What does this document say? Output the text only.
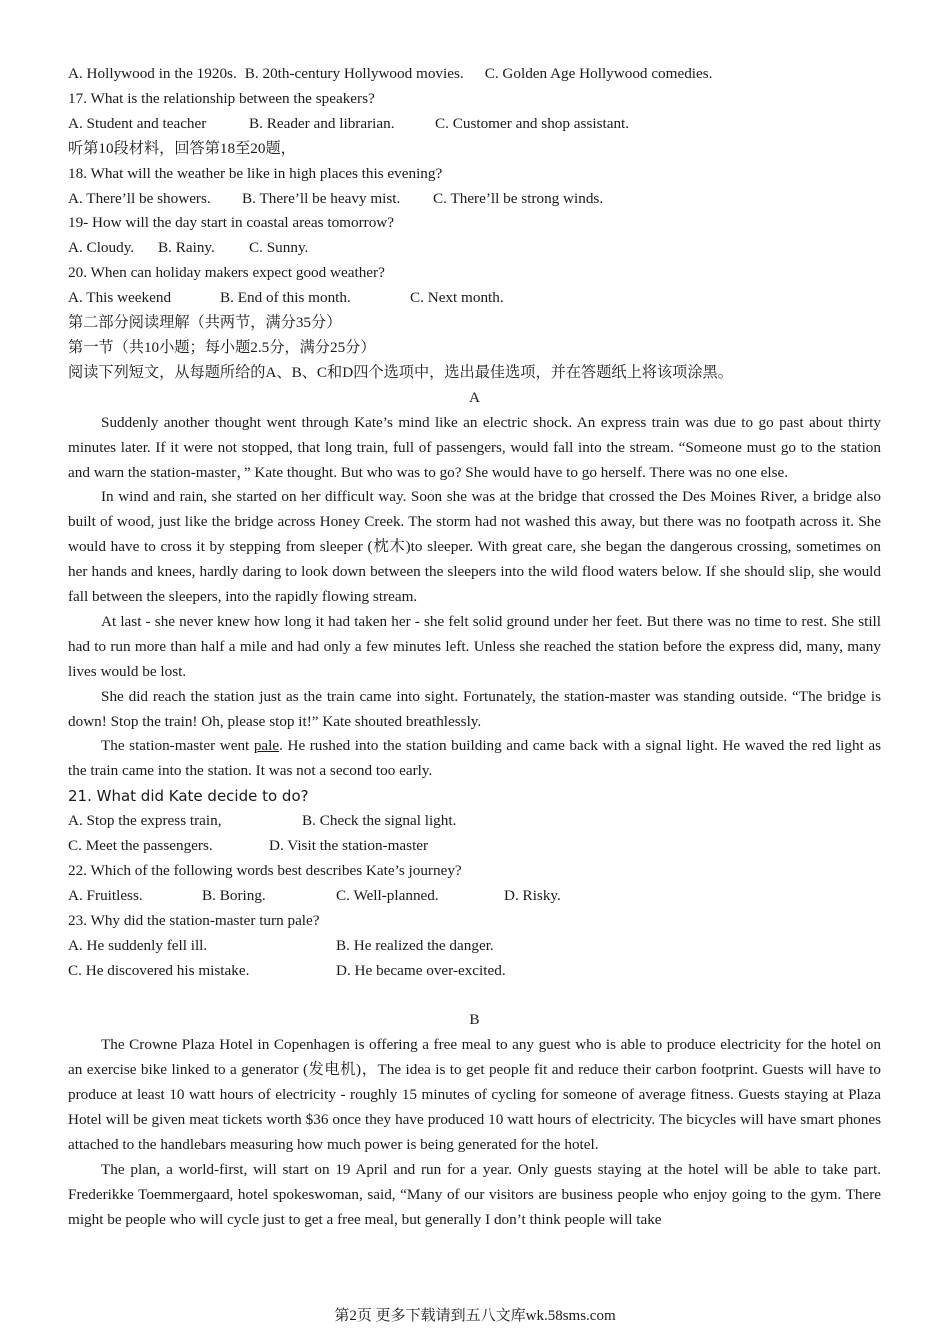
A. Hollywood in the 1920s. B. 20th-century Hollywood movies. C. Golden Age Hollywood comedies.

17. What is the relationship between the speakers?

A. Student and teacher	B. Reader and librarian.	C. Customer and shop assistant.

听第10段材料，回答第18至20题，

18. What will the weather be like in high places this evening?

A. There’ll be showers.	B. There’ll be heavy mist.	C. There’ll be strong winds.

19- How will the day start in coastal areas tomorrow?

A. Cloudy.	B. Rainy.	C. Sunny.

20. When can holiday makers expect good weather?

A. This weekend	B. End of this month.	C. Next month.

第二部分阅读理解（共两节，满分35分）

第一节（共10小题；每小题2.5分，满分25分）

阅读下列短文，从每题所给的A、B、C和D四个选项中，选出最佳选项，并在答题纸上将该项涂黑。

A

Suddenly another thought went through Kate’s mind like an electric shock. An express train was due to go past about thirty minutes later. If it were not stopped, that long train, full of passengers, would fall into the stream. “Someone must go to the station and warn the station-master，” Kate thought. But who was to go? She would have to go herself. There was no one else.

In wind and rain, she started on her difficult way. Soon she was at the bridge that crossed the Des Moines River, a bridge also built of wood, just like the bridge across Honey Creek. The storm had not washed this away, but there was no footpath across it. She would have to cross it by stepping from sleeper (枕木)to sleeper. With great care, she began the dangerous crossing, sometimes on her hands and knees, hardly daring to look down between the sleepers into the wild flood waters below. If she should slip, she would fall between the sleepers, into the rapidly flowing stream.

At last - she never knew how long it had taken her - she felt solid ground under her feet. But there was no time to rest. She still had to run more than half a mile and had only a few minutes left. Unless she reached the station before the express did, many, many lives would be lost.

She did reach the station just as the train came into sight. Fortunately, the station-master was standing outside. “The bridge is down! Stop the train! Oh, please stop it!” Kate shouted breathlessly.

The station-master went pale. He rushed into the station building and came back with a signal light. He waved the red light as the train came into the station. It was not a second too early.

21. What did Kate decide to do?

A. Stop the express train,	B. Check the signal light.
C. Meet the passengers.	D. Visit the station-master

22. Which of the following words best describes Kate’s journey?

A. Fruitless.	B. Boring.	C. Well-planned.	D. Risky.

23. Why did the station-master turn pale?

A. He suddenly fell ill.	B. He realized the danger.
C. He discovered his mistake.	D. He became over-excited.

B

The Crowne Plaza Hotel in Copenhagen is offering a free meal to any guest who is able to produce electricity for the hotel on an exercise bike linked to a generator (发电机)，The idea is to get people fit and reduce their carbon footprint. Guests will have to produce at least 10 watt hours of electricity - roughly 15 minutes of cycling for someone of average fitness. Guests staying at Plaza Hotel will be given meat tickets worth $36 once they have produced 10 watt hours of electricity. The bicycles will have smart phones attached to the handlebars measuring how much power is being generated for the hotel.

The plan, a world-first, will start on 19 April and run for a year. Only guests staying at the hotel will be able to take part. Frederikke Toemmergaard, hotel spokeswoman, said, “Many of our visitors are business people who enjoy going to the gym. There might be people who will cycle just to get a free meal, but generally I don’t think people will take

第2页 更多下载请到五八文库wk.58sms.com
